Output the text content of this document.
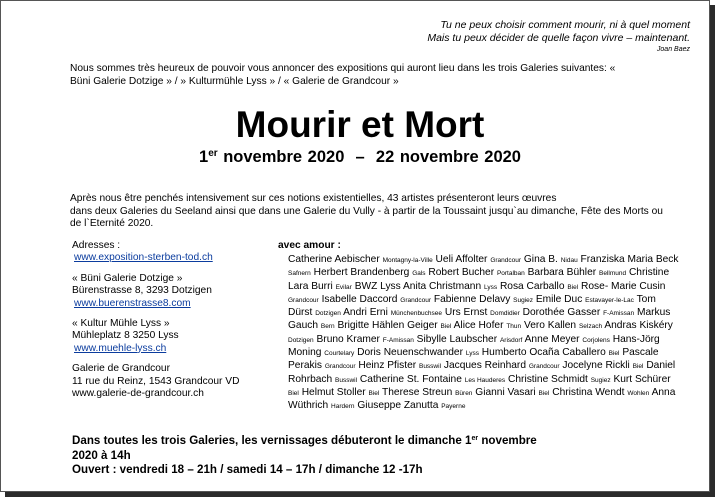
Tu ne peux choisir comment mourir, ni à quel moment
Mais tu peux décider de quelle façon vivre – maintenant.
Joan Baez
Nous sommes très heureux de pouvoir vous annoncer des expositions qui auront lieu dans les trois Galeries suivantes: « Büni Galerie Dotzige » / » Kulturmühle Lyss » / « Galerie de Grandcour »
Mourir et Mort
1er novembre 2020  –  22 novembre 2020
Après nous être penchés intensivement sur ces notions existentielles, 43 artistes présenteront leurs œuvres
dans deux Galeries du Seeland ainsi que dans une Galerie du Vully - à partir de la Toussaint jusqu`au dimanche, Fête des Morts ou de l`Eternité 2020.
Adresses :
www.exposition-sterben-tod.ch
« Büni Galerie Dotzige »
Bürenstrasse 8, 3293 Dotzigen
www.buerenstrasse8.com
« Kultur Mühle Lyss »
Mühleplatz 8 3250 Lyss
www.muehle-lyss.ch
Galerie de Grandcour
11 rue du Reinz, 1543 Grandcour VD
www.galerie-de-grandcour.ch
avec amour :
Catherine Aebischer Montagny-la-Ville Ueli Affolter Grandcour Gina B. Nidau Franziska Maria Beck Safnern Herbert Brandenberg Gals Robert Bucher Portalban Barbara Bühler Bellmund Christine Lara Burri Evilar BWZ Lyss Anita Christmann Lyss Rosa Carballo Biel Rose- Marie Cusin Grandcour Isabelle Daccord Grandcour Fabienne Delavy Sugiez Emile Duc Estavayer-le-Lac Tom Dürst Dotzigen Andri Erni Münchenbuchsee Urs Ernst Domdidier Dorothée Gasser F-Amissan Markus Gauch Bern Brigitte Hählen Geiger Biel Alice Hofer Thun Vero Kallen Selzach Andras Kiskéry Dotzigen Bruno Kramer F-Amissan Sibylle Laubscher Arisdorf Anne Meyer Corjolens Hans-Jörg Moning Courtelary Doris Neuenschwander Lyss Humberto Ocaña Caballero Biel Pascale Perakis Grandcour Heinz Pfister Busswil Jacques Reinhard Grandcour Jocelyne Rickli Biel Daniel Rohrbach Busswil Catherine St. Fontaine Les Hauderes Christine Schmidt Sugiez Kurt Schürer Biel Helmut Stoller Biel Therese Streun Büren Gianni Vasari Biel Christina Wendt Wohlen Anna Wüthrich Hardern Giuseppe Zanutta Payerne
Dans toutes les trois Galeries, les vernissages débuteront le dimanche 1er novembre
2020 à 14h
Ouvert : vendredi 18 – 21h / samedi 14 – 17h / dimanche 12 -17h
